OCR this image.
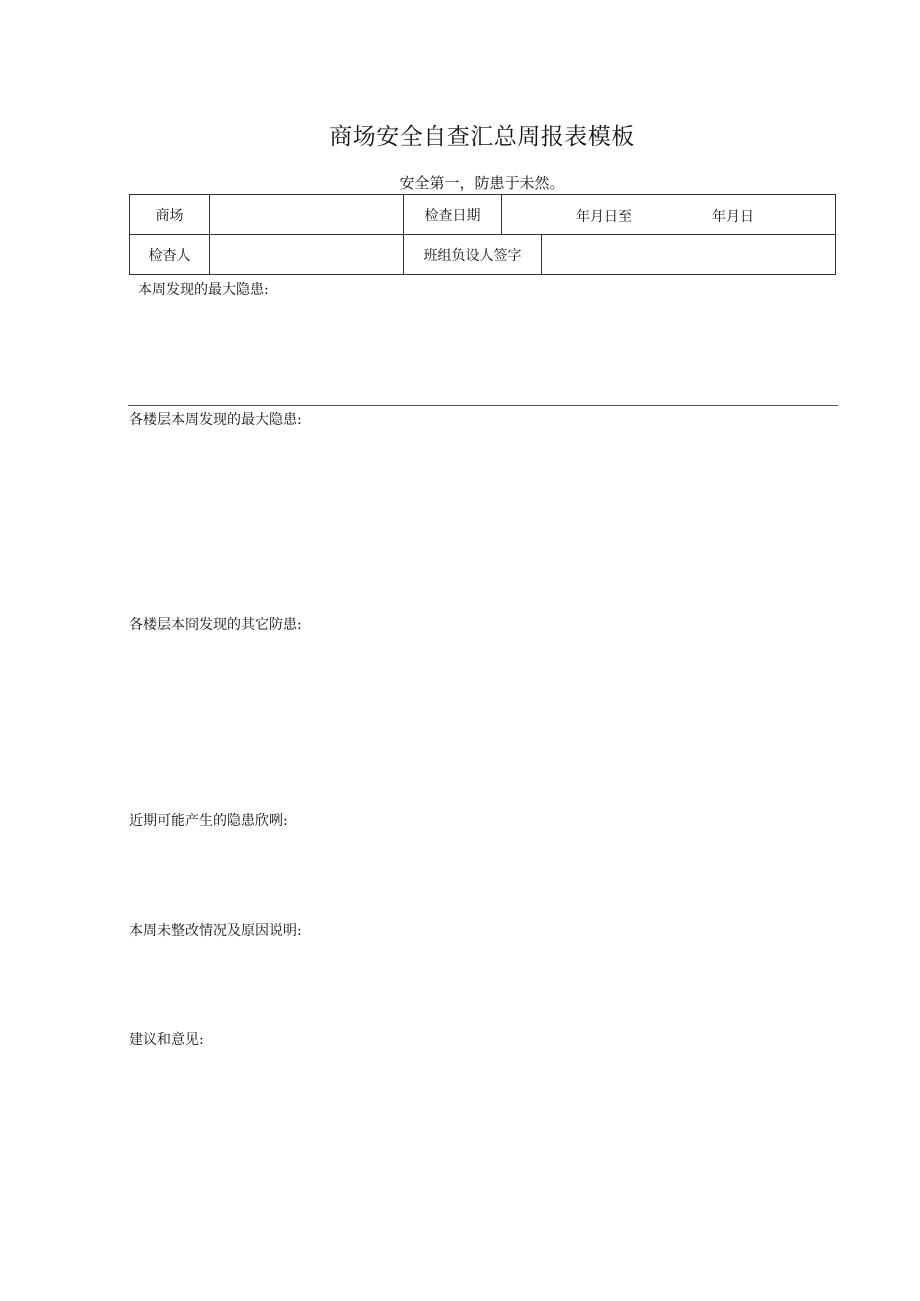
商场安全自查汇总周报表模板
安全第一，防患于未然。
商场		检查日期	年月日至 年月日	

检杳人		班组负设人签字		
本周发现的最大隐患:
各楼层本周发现的最大隐患:
各楼层本冏发现的其它防患:
近期可能产生的隐患欣咧:
本周未整改情况及原因说明:
建议和意见:
